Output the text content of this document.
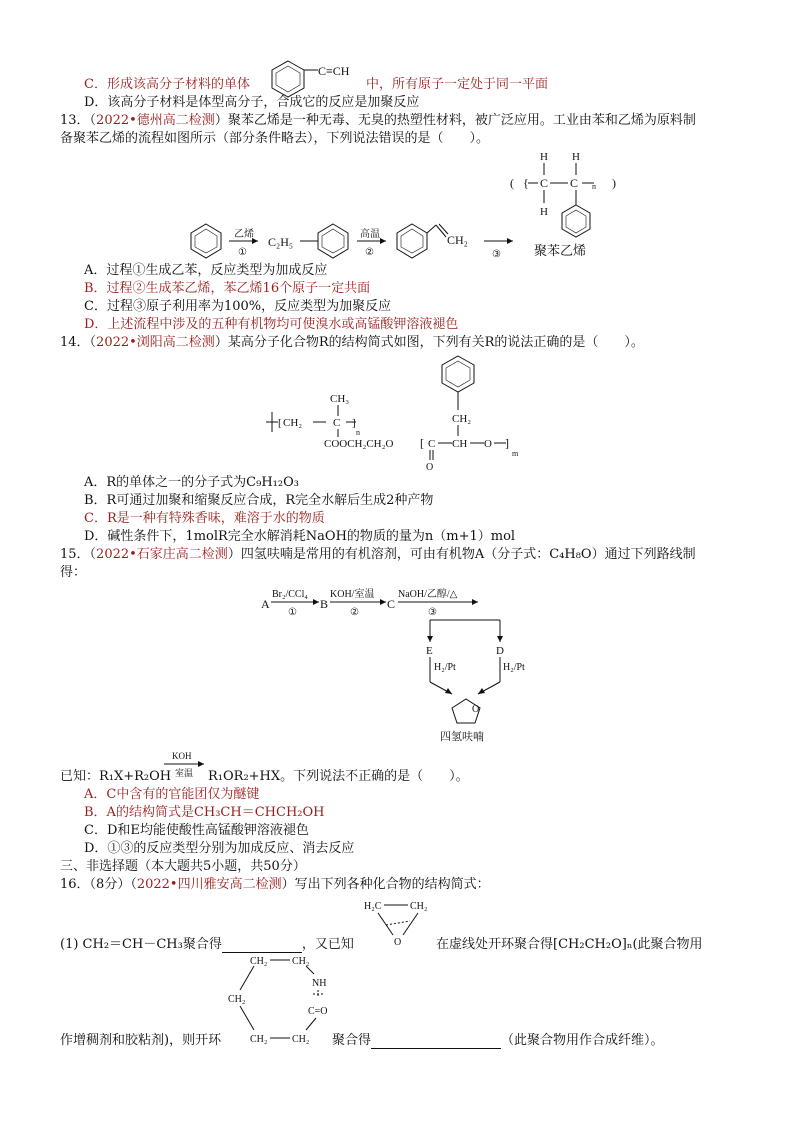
C．形成该高分子材料的单体
C≡CH
中，所有原子一定处于同一平面
D．该高分子材料是体型高分子，合成它的反应是加聚反应
13．（2022•德州高二检测）聚苯乙烯是一种无毒、无臭的热塑性材料，被广泛应用。工业由苯和乙烯为原料制
备聚苯乙烯的流程如图所示（部分条件略去），下列说法错误的是（　　）。
( {
H H
C C n )
H
乙烯
①
C₂H₅
高温
②
CH₂
③	聚苯乙烯
A．过程①生成乙苯，反应类型为加成反应
B．过程②生成苯乙烯，苯乙烯16个原子一定共面
C．过程③原子利用率为100%，反应类型为加聚反应
D．上述流程中涉及的五种有机物均可使溴水或高锰酸钾溶液褪色
14．（2022•浏阳高二检测）某高分子化合物R的结构简式如图，下列有关R的说法正确的是（　　）。
CH₂
CH₃
[ CH₂	C ]
n
COOCH₂CH₂O [ C CH O ]
m
O
A．R的单体之一的分子式为C₉H₁₂O₃
B．R可通过加聚和缩聚反应合成，R完全水解后生成2种产物
C．R是一种有特殊香味，难溶于水的物质
D．碱性条件下，1molR完全水解消耗NaOH的物质的量为n（m+1）mol
15．（2022•石家庄高二检测）四氢呋喃是常用的有机溶剂，可由有机物A（分子式：C₄H₈O）通过下列路线制
得：
A
Br₂/CCl₄
①
B
KOH/室温
②
C
NaOH/乙醇/△
③
E	D
H₂/Pt	H₂/Pt
O
四氢呋喃
已知：R₁X+R₂OH
KOH
室温 R₁OR₂+HX。下列说法不正确的是（　　）。
A．C中含有的官能团仅为醚键
B．A的结构简式是CH₃CH＝CHCH₂OH
C．D和E均能使酸性高锰酸钾溶液褪色
D．①③的反应类型分别为加成反应、消去反应
三、非选择题（本大题共5小题，共50分）
16．（8分）（2022•四川雅安高二检测）写出下列各种化合物的结构简式：
H₂C	CH₂
O
(1) CH₂＝CH－CH₃聚合得	，又已知	在虚线处开环聚合得[CH₂CH₂O]ₙ(此聚合物用
CH₂ CH₂
NH
CH₂
C=O
CH₂ CH₂
作增稠剂和胶粘剂)，则开环	聚合得	（此聚合物用作合成纤维）。
